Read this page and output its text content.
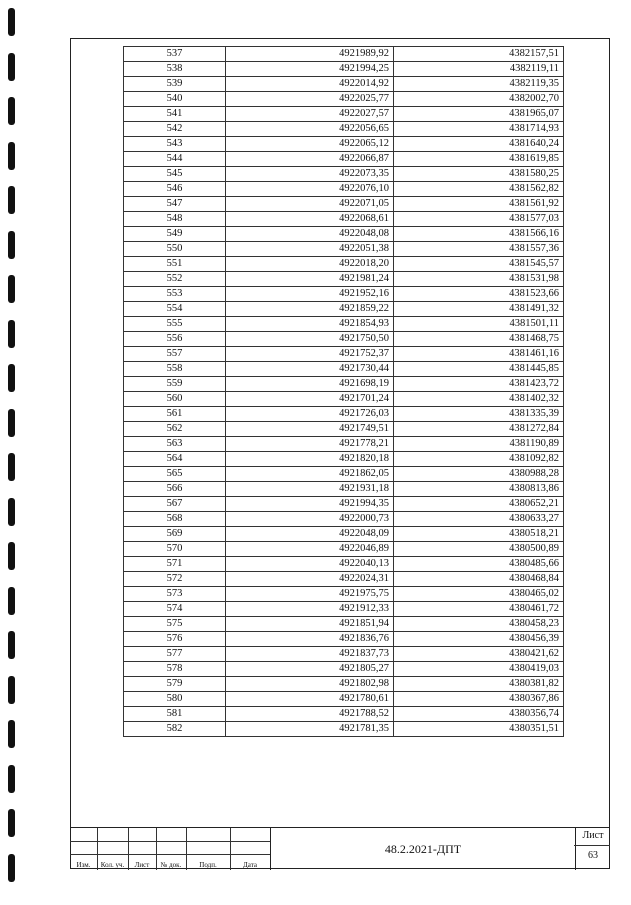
537	4921989,92	4382157,51
538	4921994,25	4382119,11
539	4922014,92	4382119,35
540	4922025,77	4382002,70
541	4922027,57	4381965,07
542	4922056,65	4381714,93
543	4922065,12	4381640,24
544	4922066,87	4381619,85
545	4922073,35	4381580,25
546	4922076,10	4381562,82
547	4922071,05	4381561,92
548	4922068,61	4381577,03
549	4922048,08	4381566,16
550	4922051,38	4381557,36
551	4922018,20	4381545,57
552	4921981,24	4381531,98
553	4921952,16	4381523,66
554	4921859,22	4381491,32
555	4921854,93	4381501,11
556	4921750,50	4381468,75
557	4921752,37	4381461,16
558	4921730,44	4381445,85
559	4921698,19	4381423,72
560	4921701,24	4381402,32
561	4921726,03	4381335,39
562	4921749,51	4381272,84
563	4921778,21	4381190,89
564	4921820,18	4381092,82
565	4921862,05	4380988,28
566	4921931,18	4380813,86
567	4921994,35	4380652,21
568	4922000,73	4380633,27
569	4922048,09	4380518,21
570	4922046,89	4380500,89
571	4922040,13	4380485,66
572	4922024,31	4380468,84
573	4921975,75	4380465,02
574	4921912,33	4380461,72
575	4921851,94	4380458,23
576	4921836,76	4380456,39
577	4921837,73	4380421,62
578	4921805,27	4380419,03
579	4921802,98	4380381,82
580	4921780,61	4380367,86
581	4921788,52	4380356,74
582	4921781,35	4380351,51
Изм.	Кол. уч.	Лист	№ док.	Подп.	Дата
48.2.2021-ДПТ
Лист
63
